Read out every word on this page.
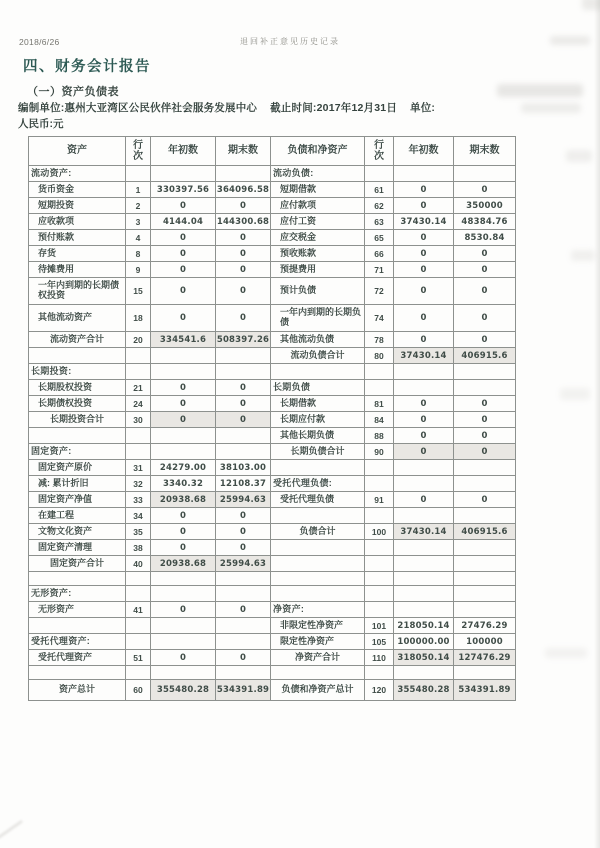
2018/6/26	退回补正意见历史记录
四、财务会计报告
（一）资产负债表
编制单位:惠州大亚湾区公民伙伴社会服务发展中心 截止时间:2017年12月31日 单位:
人民币:元
资产	行次	年初数	期末数	负债和净资产	行次	年初数	期末数
流动资产:				流动负债:			
货币资金	1	330397.56	364096.58	短期借款	61	0	0
短期投资	2	0	0	应付款项	62	0	350000
应收款项	3	4144.04	144300.68	应付工资	63	37430.14	48384.76
预付账款	4	0	0	应交税金	65	0	8530.84
存货	8	0	0	预收账款	66	0	0
待摊费用	9	0	0	预提费用	71	0	0
一年内到期的长期债权投资	15	0	0	预计负债	72	0	0
其他流动资产	18	0	0	一年内到期的长期负债	74	0	0
流动资产合计	20	334541.6	508397.26	其他流动负债	78	0	0
				流动负债合计	80	37430.14	406915.6
长期投资:							
长期股权投资	21	0	0	长期负债			
长期债权投资	24	0	0	长期借款	81	0	0
长期投资合计	30	0	0	长期应付款	84	0	0
				其他长期负债	88	0	0
固定资产:				长期负债合计	90	0	0
固定资产原价	31	24279.00	38103.00				
减: 累计折旧	32	3340.32	12108.37	受托代理负债:			
固定资产净值	33	20938.68	25994.63	受托代理负债	91	0	0
在建工程	34	0	0				
文物文化资产	35	0	0	负债合计	100	37430.14	406915.6
固定资产清理	38	0	0				
固定资产合计	40	20938.68	25994.63				

无形资产:							
无形资产	41	0	0	净资产:			
				非限定性净资产	101	218050.14	27476.29
受托代理资产:				限定性净资产	105	100000.00	100000
受托代理资产	51	0	0	净资产合计	110	318050.14	127476.29

资产总计	60	355480.28	534391.89	负债和净资产总计	120	355480.28	534391.89
